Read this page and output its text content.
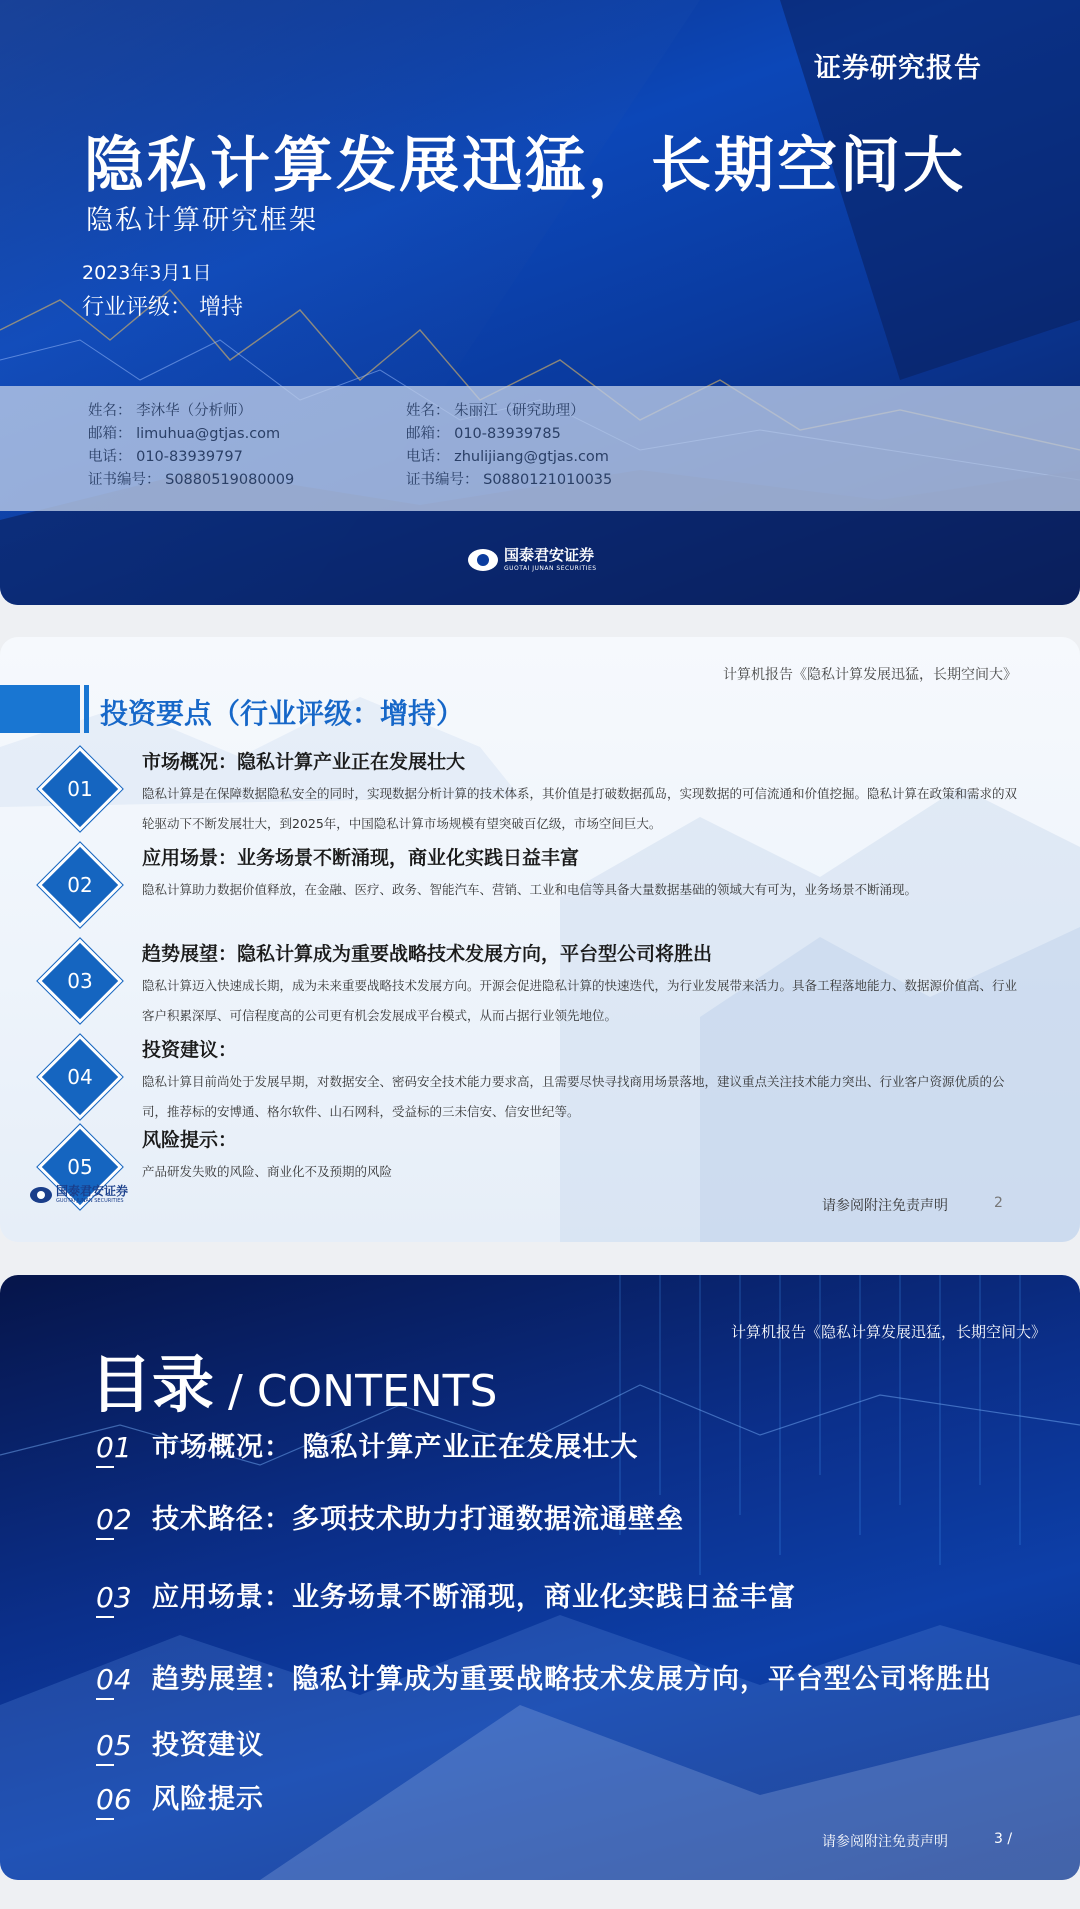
证券研究报告
隐私计算发展迅猛，长期空间大
隐私计算研究框架
2023年3月1日
行业评级： 增持
姓名： 李沐华（分析师）
邮箱： limuhua@gtjas.com
电话： 010-83939797
证书编号： S0880519080009
姓名： 朱丽江（研究助理）
邮箱： 010-83939785
电话： zhulijiang@gtjas.com
证书编号： S0880121010035
国泰君安证券
GUOTAI JUNAN SECURITIES
计算机报告《隐私计算发展迅猛，长期空间大》
投资要点（行业评级：增持）
01
市场概况：隐私计算产业正在发展壮大
隐私计算是在保障数据隐私安全的同时，实现数据分析计算的技术体系，其价值是打破数据孤岛，实现数据的可信流通和价值挖掘。隐私计算在政策和需求的双轮驱动下不断发展壮大，到2025年，中国隐私计算市场规模有望突破百亿级，市场空间巨大。
02
应用场景：业务场景不断涌现，商业化实践日益丰富
隐私计算助力数据价值释放，在金融、医疗、政务、智能汽车、营销、工业和电信等具备大量数据基础的领域大有可为，业务场景不断涌现。
03
趋势展望：隐私计算成为重要战略技术发展方向，平台型公司将胜出
隐私计算迈入快速成长期，成为未来重要战略技术发展方向。开源会促进隐私计算的快速迭代，为行业发展带来活力。具备工程落地能力、数据源价值高、行业客户积累深厚、可信程度高的公司更有机会发展成平台模式，从而占据行业领先地位。
04
投资建议：
隐私计算目前尚处于发展早期，对数据安全、密码安全技术能力要求高，且需要尽快寻找商用场景落地，建议重点关注技术能力突出、行业客户资源优质的公司，推荐标的安博通、格尔软件、山石网科，受益标的三未信安、信安世纪等。
05
风险提示：
产品研发失败的风险、商业化不及预期的风险
国泰君安证券
GUOTAI JUNAN SECURITIES	请参阅附注免责声明	2
计算机报告《隐私计算发展迅猛，长期空间大》
目录 / CONTENTS
01 市场概况： 隐私计算产业正在发展壮大
02 技术路径：多项技术助力打通数据流通壁垒
03 应用场景：业务场景不断涌现，商业化实践日益丰富
04 趋势展望：隐私计算成为重要战略技术发展方向，平台型公司将胜出
05 投资建议
06 风险提示
请参阅附注免责声明	3 /
